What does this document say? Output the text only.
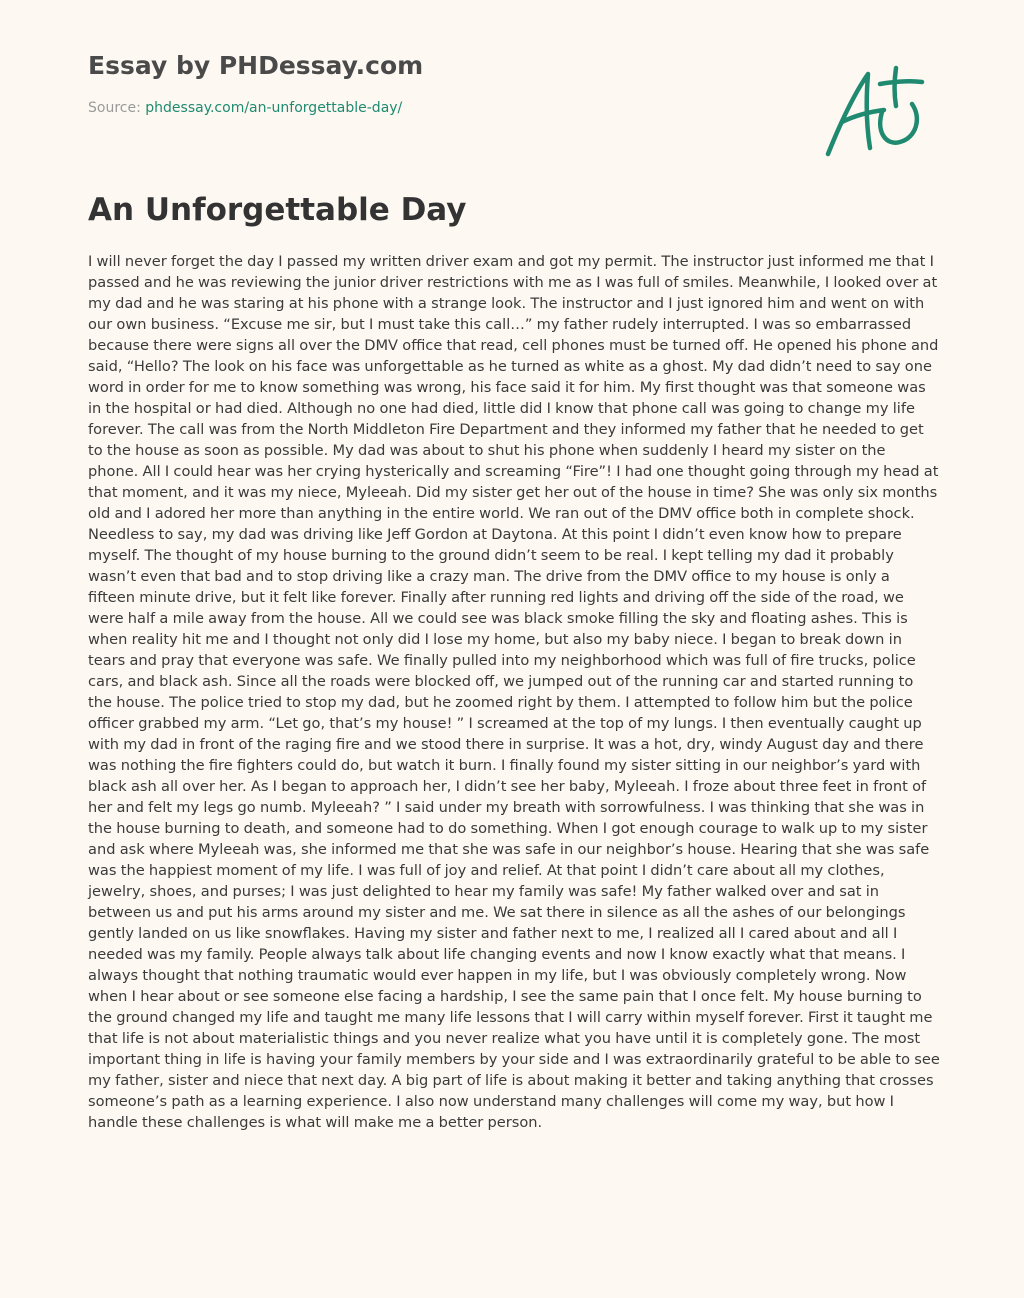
Essay by PHDessay.com
Source: phdessay.com/an-unforgettable-day/
An Unforgettable Day

I will never forget the day I passed my written driver exam and got my permit. The instructor just informed me that I passed and he was reviewing the junior driver restrictions with me as I was full of smiles. Meanwhile, I looked over at my dad and he was staring at his phone with a strange look. The instructor and I just ignored him and went on with our own business. “Excuse me sir, but I must take this call…” my father rudely interrupted. I was so embarrassed because there were signs all over the DMV office that read, cell phones must be turned off. He opened his phone and said, “Hello? The look on his face was unforgettable as he turned as white as a ghost. My dad didn’t need to say one word in order for me to know something was wrong, his face said it for him. My first thought was that someone was in the hospital or had died. Although no one had died, little did I know that phone call was going to change my life forever. The call was from the North Middleton Fire Department and they informed my father that he needed to get to the house as soon as possible. My dad was about to shut his phone when suddenly I heard my sister on the phone. All I could hear was her crying hysterically and screaming “Fire”! I had one thought going through my head at that moment, and it was my niece, Myleeah. Did my sister get her out of the house in time? She was only six months old and I adored her more than anything in the entire world. We ran out of the DMV office both in complete shock. Needless to say, my dad was driving like Jeff Gordon at Daytona. At this point I didn’t even know how to prepare myself. The thought of my house burning to the ground didn’t seem to be real. I kept telling my dad it probably wasn’t even that bad and to stop driving like a crazy man. The drive from the DMV office to my house is only a fifteen minute drive, but it felt like forever. Finally after running red lights and driving off the side of the road, we were half a mile away from the house. All we could see was black smoke filling the sky and floating ashes. This is when reality hit me and I thought not only did I lose my home, but also my baby niece. I began to break down in tears and pray that everyone was safe. We finally pulled into my neighborhood which was full of fire trucks, police cars, and black ash. Since all the roads were blocked off, we jumped out of the running car and started running to the house. The police tried to stop my dad, but he zoomed right by them. I attempted to follow him but the police officer grabbed my arm. “Let go, that’s my house! ” I screamed at the top of my lungs. I then eventually caught up with my dad in front of the raging fire and we stood there in surprise. It was a hot, dry, windy August day and there was nothing the fire fighters could do, but watch it burn. I finally found my sister sitting in our neighbor’s yard with black ash all over her. As I began to approach her, I didn’t see her baby, Myleeah. I froze about three feet in front of her and felt my legs go numb. Myleeah? ” I said under my breath with sorrowfulness. I was thinking that she was in the house burning to death, and someone had to do something. When I got enough courage to walk up to my sister and ask where Myleeah was, she informed me that she was safe in our neighbor’s house. Hearing that she was safe was the happiest moment of my life. I was full of joy and relief. At that point I didn’t care about all my clothes, jewelry, shoes, and purses; I was just delighted to hear my family was safe! My father walked over and sat in between us and put his arms around my sister and me. We sat there in silence as all the ashes of our belongings gently landed on us like snowflakes. Having my sister and father next to me, I realized all I cared about and all I needed was my family. People always talk about life changing events and now I know exactly what that means. I always thought that nothing traumatic would ever happen in my life, but I was obviously completely wrong. Now when I hear about or see someone else facing a hardship, I see the same pain that I once felt. My house burning to the ground changed my life and taught me many life lessons that I will carry within myself forever. First it taught me that life is not about materialistic things and you never realize what you have until it is completely gone. The most important thing in life is having your family members by your side and I was extraordinarily grateful to be able to see my father, sister and niece that next day. A big part of life is about making it better and taking anything that crosses someone’s path as a learning experience. I also now understand many challenges will come my way, but how I handle these challenges is what will make me a better person.
